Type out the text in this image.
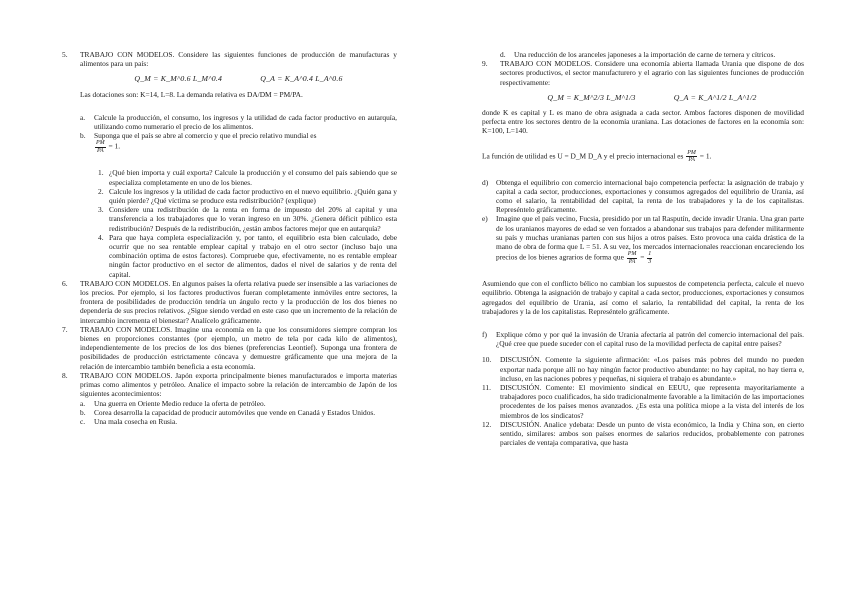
5.	TRABAJO CON MODELOS. Considere las siguientes funciones de producción de manufacturas y alimentos para un país:

Q_M = K_M^0.6 L_M^0.4	Q_A = K_A^0.4 L_A^0.6

Las dotaciones son: K=14, L=8. La demanda relativa es DA/DM = PM/PA.

a.	Calcule la producción, el consumo, los ingresos y la utilidad de cada factor productivo en autarquía, utilizando como numerario el precio de los alimentos.
b.	Suponga que el país se abre al comercio y que el precio relativo mundial es

$\frac{PM}{PA} = 1$.
1. ¿Qué bien importa y cuál exporta? Calcule la producción y el consumo del país sabiendo que se especializa completamente en uno de los bienes.
2. Calcule los ingresos y la utilidad de cada factor productivo en el nuevo equilibrio. ¿Quién gana y quién pierde? ¿Qué víctima se produce esta redistribución? (explique)
3. Considere una redistribución de la renta en forma de impuesto del 20% al capital y una transferencia a los trabajadores que lo veran ingreso en un 30%. ¿Genera déficit público esta redistribución? Después de la redistribución, ¿están ambos factores mejor que en autarquía?
4. Para que haya completa especialización y, por tanto, el equilibrio esta bien calculado, debe ocurrir que no sea rentable emplear capital y trabajo en el otro sector (incluso bajo una combinación optima de estos factores). Compruebe que, efectivamente, no es rentable emplear ningún factor productivo en el sector de alimentos, dados el nivel de salarios y de renta del capital.
6.	TRABAJO CON MODELOS. En algunos países la oferta relativa puede ser insensible a las variaciones de los precios. Por ejemplo, si los factores productivos fueran completamente inmóviles entre sectores, la frontera de posibilidades de producción tendría un ángulo recto y la producción de los dos bienes no dependería de sus precios relativos. ¿Sigue siendo verdad en este caso que un incremento de la relación de intercambio incrementa el bienestar? Analícelo gráficamente.

7.	TRABAJO CON MODELOS. Imagine una economía en la que los consumidores siempre compran los bienes en proporciones constantes (por ejemplo, un metro de tela por cada kilo de alimentos), independientemente de los precios de los dos bienes (preferencias Leontief). Suponga una frontera de posibilidades de producción estrictamente cóncava y demuestre gráficamente que una mejora de la relación de intercambio también beneficia a esta economía.

8.	TRABAJO CON MODELOS. Japón exporta principalmente bienes manufacturados e importa materias primas como alimentos y petróleo. Analice el impacto sobre la relación de intercambio de Japón de los siguientes acontecimientos:

a.	Una guerra en Oriente Medio reduce la oferta de petróleo.
b.	Corea desarrolla la capacidad de producir automóviles que vende en Canadá y Estados Unidos.
c.	Una mala cosecha en Rusia.
d.	Una reducción de los aranceles japoneses a la importación de carne de ternera y cítricos.
9.	TRABAJO CON MODELOS. Considere una economía abierta llamada Urania que dispone de dos sectores productivos, el sector manufacturero y el agrario con las siguientes funciones de producción respectivamente:

Q_M = K_M^2/3 L_M^1/3	Q_A = K_A^1/2 L_A^1/2

donde K es capital y L es mano de obra asignada a cada sector. Ambos factores disponen de movilidad perfecta entre los sectores dentro de la economía uraniana. Las dotaciones de factores en la economía son: K=100, L=140.

La función de utilidad es U = D_M D_A y el precio internacional es $\frac{PM}{PA} = 1$.

d)	Obtenga el equilibrio con comercio internacional bajo competencia perfecta: la asignación de trabajo y capital a cada sector, producciones, exportaciones y consumos agregados del equilibrio de Urania, así como el salario, la rentabilidad del capital, la renta de los trabajadores y la de los capitalistas. Represéntelo gráficamente.
e)	Imagine que el país vecino, Fucsia, presidido por un tal Rasputín, decide invadir Urania. Una gran parte de los uranianos mayores de edad se ven forzados a abandonar sus trabajos para defender militarmente su país y muchas uranianas parten con sus hijos a otros países. Esto provoca una caída drástica de la mano de obra de forma que L = 51. A su vez, los mercados internacionales reaccionan encareciendo los precios de los bienes agrarios de forma que $\frac{PM}{PA} = \frac{1}{3}$

Asumiendo que con el conflicto bélico no cambian los supuestos de competencia perfecta, calcule el nuevo equilibrio. Obtenga la asignación de trabajo y capital a cada sector, producciones, exportaciones y consumos agregados del equilibrio de Urania, así como el salario, la rentabilidad del capital, la renta de los trabajadores y la de los capitalistas. Represéntelo gráficamente.

f)	Explique cómo y por qué la invasión de Urania afectaría al patrón del comercio internacional del país. ¿Qué cree que puede suceder con el capital ruso de la movilidad perfecta de capital entre países?
10.	DISCUSIÓN. Comente la siguiente afirmación: «Los países más pobres del mundo no pueden exportar nada porque allí no hay ningún factor productivo abundante: no hay capital, no hay tierra e, incluso, en las naciones pobres y pequeñas, ni siquiera el trabajo es abundante.»

11.	DISCUSIÓN. Comente: El movimiento sindical en EEUU, que representa mayoritariamente a trabajadores poco cualificados, ha sido tradicionalmente favorable a la limitación de las importaciones procedentes de los países menos avanzados. ¿Es esta una política miope a la vista del interés de los miembros de los sindicatos?

12.	DISCUSIÓN. Analice ydebata: Desde un punto de vista económico, la India y China son, en cierto sentido, similares: ambos son países enormes de salarios reducidos, probablemente con patrones parciales de ventaja comparativa, que hasta
